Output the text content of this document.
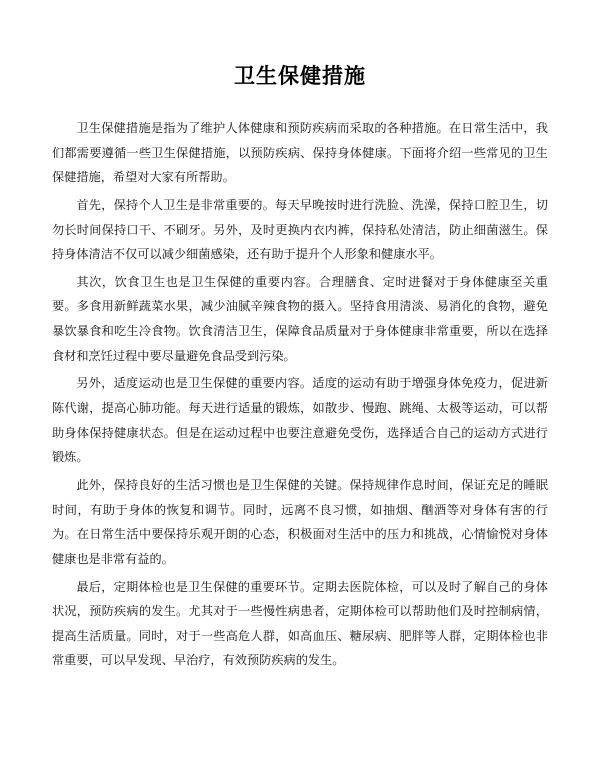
卫生保健措施

卫生保健措施是指为了维护人体健康和预防疾病而采取的各种措施。在日常生活中，我们都需要遵循一些卫生保健措施，以预防疾病、保持身体健康。下面将介绍一些常见的卫生保健措施，希望对大家有所帮助。

首先，保持个人卫生是非常重要的。每天早晚按时进行洗脸、洗澡，保持口腔卫生，切勿长时间保持口干、不刷牙。另外，及时更换内衣内裤，保持私处清洁，防止细菌滋生。保持身体清洁不仅可以减少细菌感染，还有助于提升个人形象和健康水平。

其次，饮食卫生也是卫生保健的重要内容。合理膳食、定时进餐对于身体健康至关重要。多食用新鲜蔬菜水果，减少油腻辛辣食物的摄入。坚持食用清淡、易消化的食物，避免暴饮暴食和吃生冷食物。饮食清洁卫生，保障食品质量对于身体健康非常重要，所以在选择食材和烹饪过程中要尽量避免食品受到污染。

另外，适度运动也是卫生保健的重要内容。适度的运动有助于增强身体免疫力，促进新陈代谢，提高心肺功能。每天进行适量的锻炼，如散步、慢跑、跳绳、太极等运动，可以帮助身体保持健康状态。但是在运动过程中也要注意避免受伤，选择适合自己的运动方式进行锻炼。

此外，保持良好的生活习惯也是卫生保健的关键。保持规律作息时间，保证充足的睡眠时间，有助于身体的恢复和调节。同时，远离不良习惯，如抽烟、酗酒等对身体有害的行为。在日常生活中要保持乐观开朗的心态，积极面对生活中的压力和挑战，心情愉悦对身体健康也是非常有益的。

最后，定期体检也是卫生保健的重要环节。定期去医院体检，可以及时了解自己的身体状况，预防疾病的发生。尤其对于一些慢性病患者，定期体检可以帮助他们及时控制病情，提高生活质量。同时，对于一些高危人群，如高血压、糖尿病、肥胖等人群，定期体检也非常重要，可以早发现、早治疗，有效预防疾病的发生。
